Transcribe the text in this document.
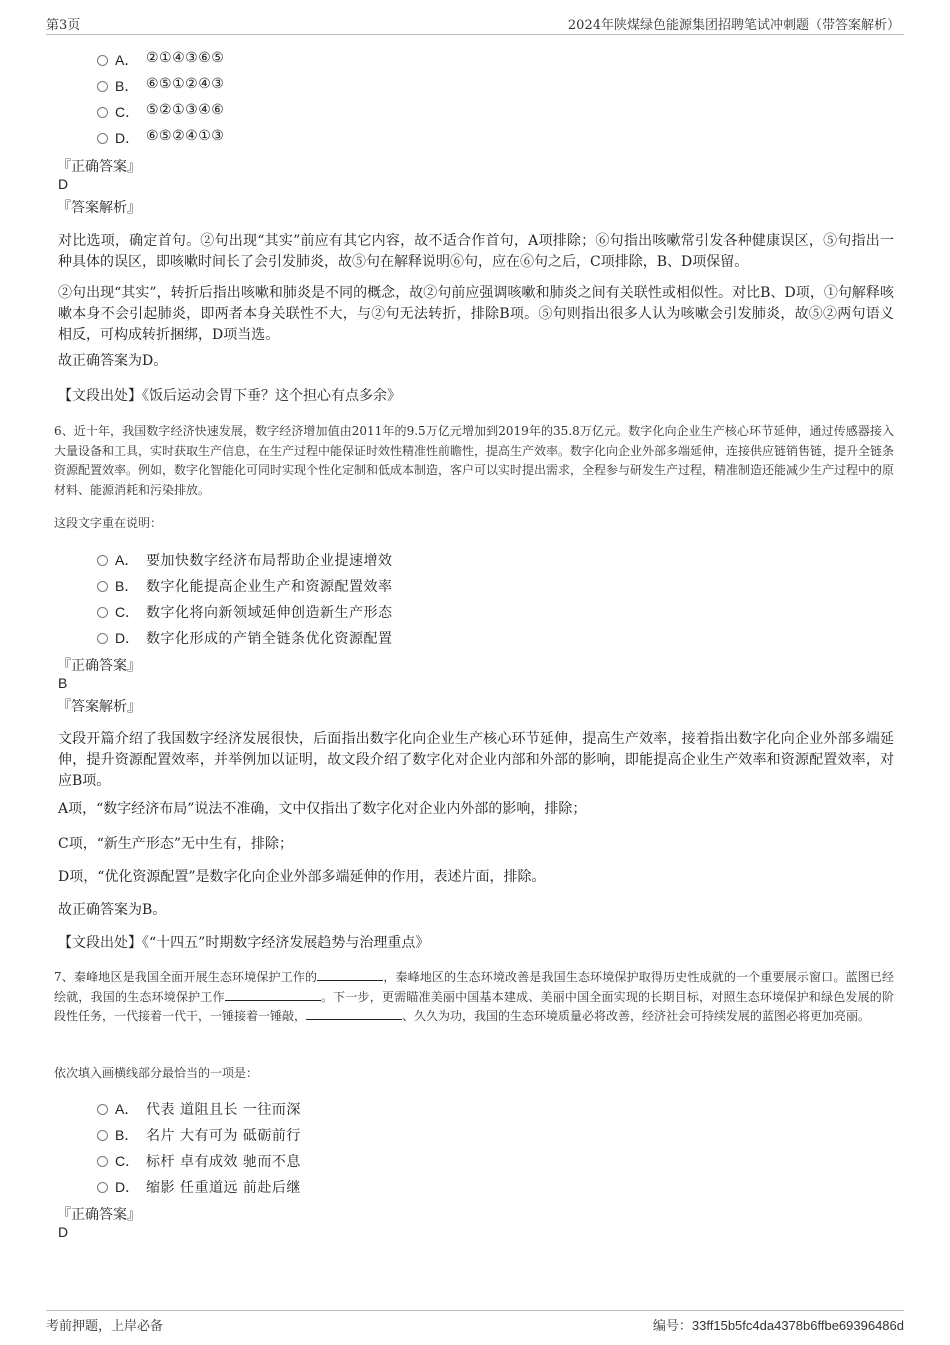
第3页	2024年陕煤绿色能源集团招聘笔试冲刺题（带答案解析）
A． ②①④③⑥⑤
B． ⑥⑤①②④③
C． ⑤②①③④⑥
D． ⑥⑤②④①③
『正确答案』
D
『答案解析』
对比选项，确定首句。②句出现“其实”前应有其它内容，故不适合作首句，A项排除；⑥句指出咳嗽常引发各种健康误区，⑤句指出一种具体的误区，即咳嗽时间长了会引发肺炎，故⑤句在解释说明⑥句，应在⑥句之后，C项排除，B、D项保留。
②句出现“其实”，转折后指出咳嗽和肺炎是不同的概念，故②句前应强调咳嗽和肺炎之间有关联性或相似性。对比B、D项，①句解释咳嗽本身不会引起肺炎，即两者本身关联性不大，与②句无法转折，排除B项。⑤句则指出很多人认为咳嗽会引发肺炎，故⑤②两句语义相反，可构成转折捆绑，D项当选。
故正确答案为D。
【文段出处】《饭后运动会胃下垂？这个担心有点多余》
6、近十年，我国数字经济快速发展，数字经济增加值由2011年的9.5万亿元增加到2019年的35.8万亿元。数字化向企业生产核心环节延伸，通过传感器接入大量设备和工具，实时获取生产信息，在生产过程中能保证时效性精准性前瞻性，提高生产效率。数字化向企业外部多端延伸，连接供应链销售链，提升全链条资源配置效率。例如，数字化智能化可同时实现个性化定制和低成本制造，客户可以实时提出需求，全程参与研发生产过程，精准制造还能减少生产过程中的原材料、能源消耗和污染排放。
这段文字重在说明：
A． 要加快数字经济布局帮助企业提速增效
B． 数字化能提高企业生产和资源配置效率
C． 数字化将向新领域延伸创造新生产形态
D． 数字化形成的产销全链条优化资源配置
『正确答案』
B
『答案解析』
文段开篇介绍了我国数字经济发展很快，后面指出数字化向企业生产核心环节延伸，提高生产效率，接着指出数字化向企业外部多端延伸，提升资源配置效率，并举例加以证明，故文段介绍了数字化对企业内部和外部的影响，即能提高企业生产效率和资源配置效率，对应B项。
A项，“数字经济布局”说法不准确，文中仅指出了数字化对企业内外部的影响，排除；
C项，“新生产形态”无中生有，排除；
D项，“优化资源配置”是数字化向企业外部多端延伸的作用，表述片面，排除。
故正确答案为B。
【文段出处】《“十四五”时期数字经济发展趋势与治理重点》
7、秦峰地区是我国全面开展生态环境保护工作的	，秦峰地区的生态环境改善是我国生态环境保护取得历史性成就的一个重要展示窗口。蓝图已经绘就，我国的生态环境保护工作	。下一步，更需瞄准美丽中国基本建成、美丽中国全面实现的长期目标，对照生态环境保护和绿色发展的阶段性任务，一代接着一代干，一锤接着一锤敲，	、久久为功，我国的生态环境质量必将改善，经济社会可持续发展的蓝图必将更加亮丽。
依次填入画横线部分最恰当的一项是：
A． 代表 道阻且长 一往而深
B． 名片 大有可为 砥砺前行
C． 标杆 卓有成效 驰而不息
D． 缩影 任重道远 前赴后继
『正确答案』
D
考前押题，上岸必备	编号：33ff15b5fc4da4378b6ffbe69396486d
